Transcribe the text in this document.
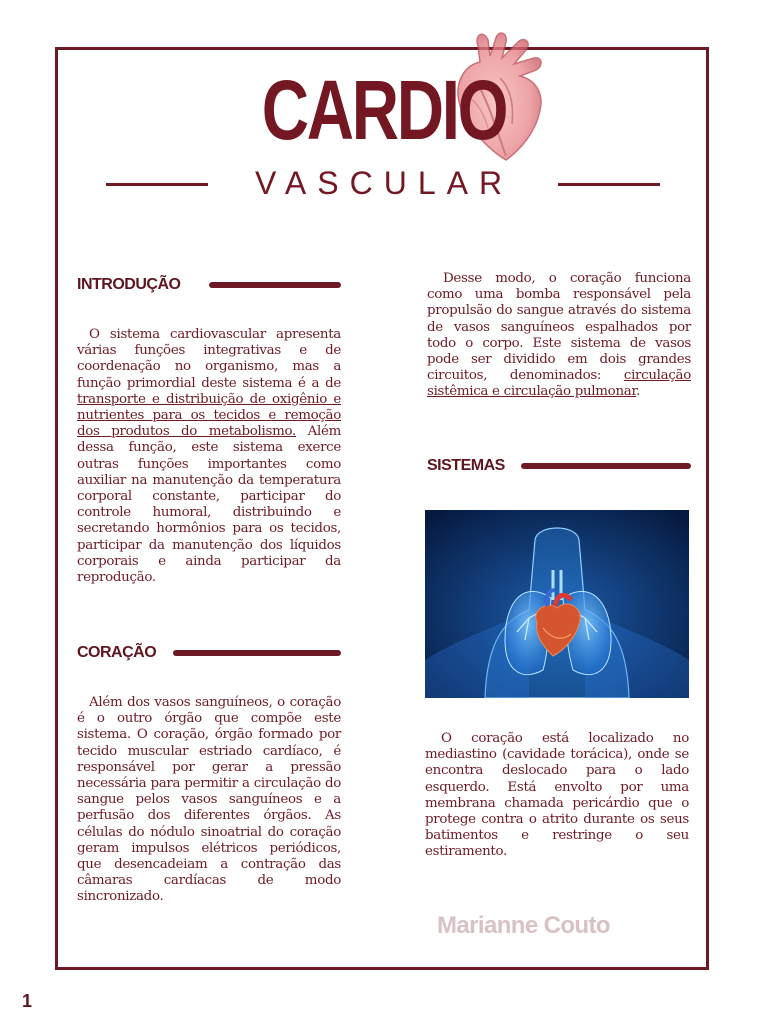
CARDIO
VASCULAR
INTRODUÇÃO

O sistema cardiovascular apresenta várias funções integrativas e de coordenação no organismo, mas a função primordial deste sistema é a de transporte e distribuição de oxigênio e nutrientes para os tecidos e remoção dos produtos do metabolismo. Além dessa função, este sistema exerce outras funções importantes como auxiliar na manutenção da temperatura corporal constante, participar do controle humoral, distribuindo e secretando hormônios para os tecidos, participar da manutenção dos líquidos corporais e ainda participar da reprodução.

CORAÇÃO

Além dos vasos sanguíneos, o coração é o outro órgão que compõe este sistema. O coração, órgão formado por tecido muscular estriado cardíaco, é responsável por gerar a pressão necessária para permitir a circulação do sangue pelos vasos sanguíneos e a perfusão dos diferentes órgãos. As células do nódulo sinoatrial do coração geram impulsos elétricos periódicos, que desencadeiam a contração das câmaras cardíacas de modo sincronizado.

Desse modo, o coração funciona como uma bomba responsável pela propulsão do sangue através do sistema de vasos sanguíneos espalhados por todo o corpo. Este sistema de vasos pode ser dividido em dois grandes circuitos, denominados: circulação sistêmica e circulação pulmonar.

SISTEMAS

O coração está localizado no mediastino (cavidade torácica), onde se encontra deslocado para o lado esquerdo. Está envolto por uma membrana chamada pericárdio que o protege contra o atrito durante os seus batimentos e restringe o seu estiramento.

Marianne Couto
1
